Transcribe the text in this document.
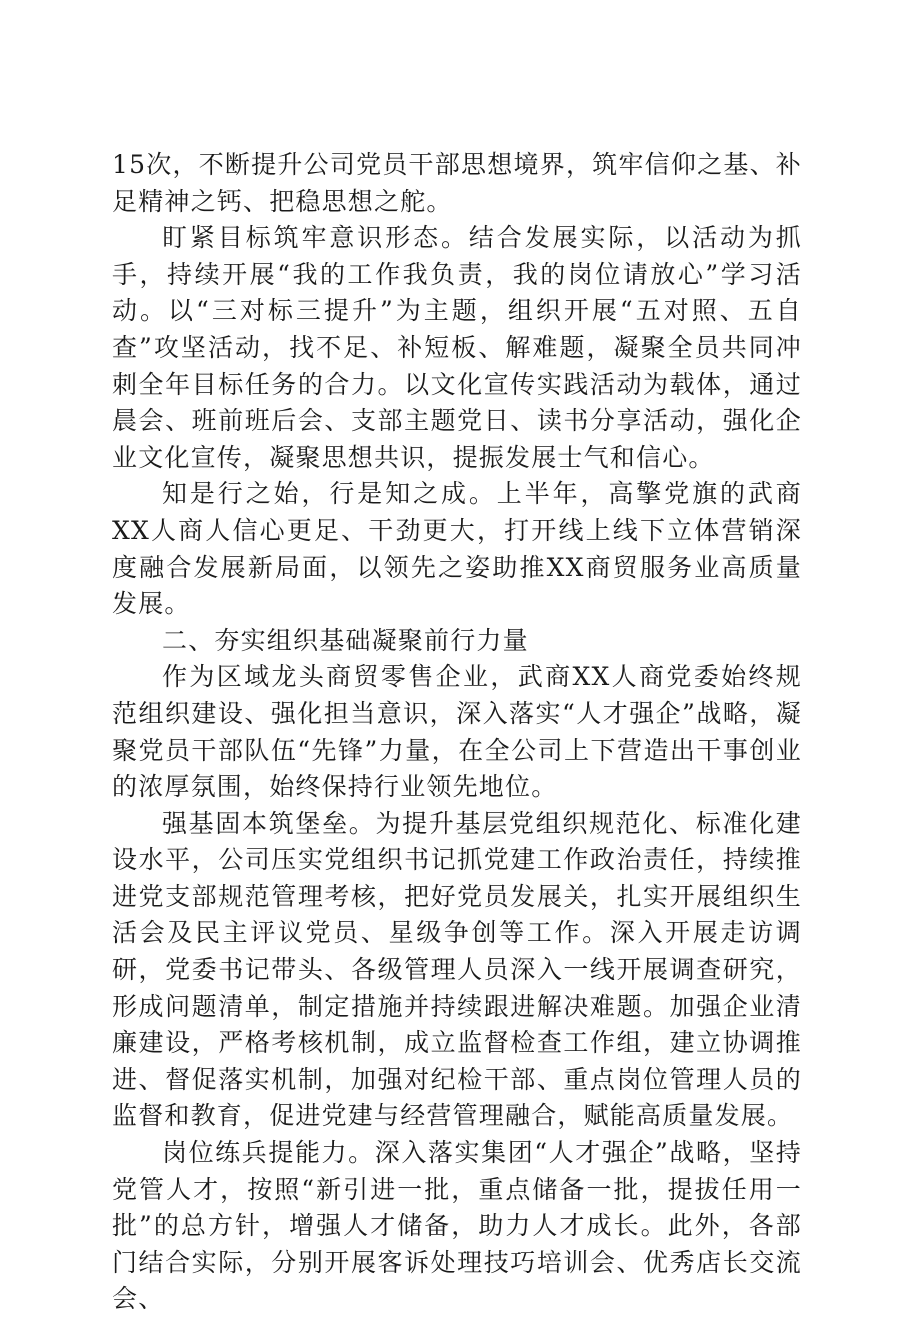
15次，不断提升公司党员干部思想境界，筑牢信仰之基、补足精神之钙、把稳思想之舵。

盯紧目标筑牢意识形态。结合发展实际，以活动为抓手，持续开展“我的工作我负责，我的岗位请放心”学习活动。以“三对标三提升”为主题，组织开展“五对照、五自查”攻坚活动，找不足、补短板、解难题，凝聚全员共同冲刺全年目标任务的合力。以文化宣传实践活动为载体，通过晨会、班前班后会、支部主题党日、读书分享活动，强化企业文化宣传，凝聚思想共识，提振发展士气和信心。

知是行之始，行是知之成。上半年，高擎党旗的武商XX人商人信心更足、干劲更大，打开线上线下立体营销深度融合发展新局面，以领先之姿助推XX商贸服务业高质量发展。

二、夯实组织基础凝聚前行力量

作为区域龙头商贸零售企业，武商XX人商党委始终规范组织建设、强化担当意识，深入落实“人才强企”战略，凝聚党员干部队伍“先锋”力量，在全公司上下营造出干事创业的浓厚氛围，始终保持行业领先地位。

强基固本筑堡垒。为提升基层党组织规范化、标准化建设水平，公司压实党组织书记抓党建工作政治责任，持续推进党支部规范管理考核，把好党员发展关，扎实开展组织生活会及民主评议党员、星级争创等工作。深入开展走访调研，党委书记带头、各级管理人员深入一线开展调查研究，形成问题清单，制定措施并持续跟进解决难题。加强企业清廉建设，严格考核机制，成立监督检查工作组，建立协调推进、督促落实机制，加强对纪检干部、重点岗位管理人员的监督和教育，促进党建与经营管理融合，赋能高质量发展。

岗位练兵提能力。深入落实集团“人才强企”战略，坚持党管人才，按照“新引进一批，重点储备一批，提拔任用一批”的总方针，增强人才储备，助力人才成长。此外，各部门结合实际，分别开展客诉处理技巧培训会、优秀店长交流会、
